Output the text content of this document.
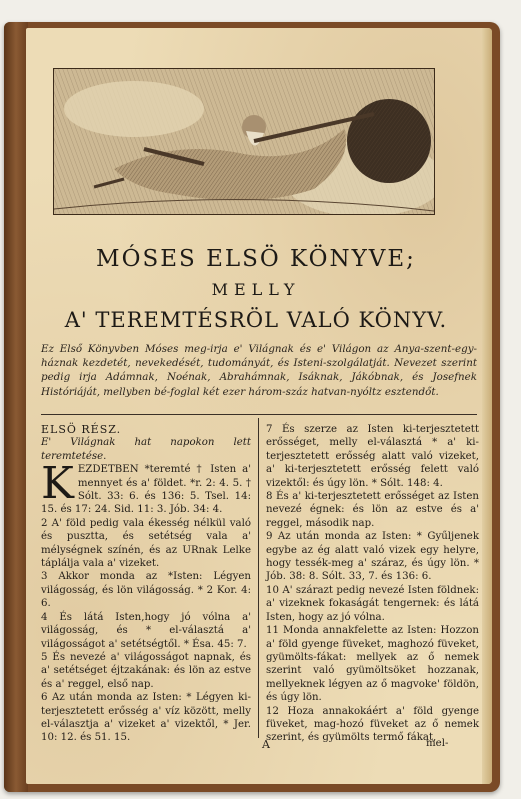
MÓSES ELSÖ KÖNYVE;
MELLY
A' TEREMTÉSRÖL VALÓ KÖNYV.
Ez Első Könyvben Móses meg-irja e' Világnak és e' Világon az Anya-szent-egy-háznak kezdetét, nevekedését, tudományát, és Isteni-szolgálatját. Nevezet szerint pedig irja Adámnak, Noénak, Abrahámnak, Isáknak, Jákóbnak, és Josefnek Históriáját, mellyben bé-foglal két ezer három-száz hatvan-nyóltz esztendőt.

ELSÖ RÉSZ.

E' Világnak hat napokon lett teremtetése.

KEZDETBEN *teremté † Isten a' mennyet és a' földet. *r. 2: 4. 5. † Sólt. 33: 6. és 136: 5. Tsel. 14: 15. és 17: 24. Sid. 11: 3. Jób. 34: 4.

2 A' föld pedig vala ékesség nélkül való és pusztta, és setétség vala a' mélységnek színén, és az URnak Lelke táplálja vala a' vizeket.

3 Akkor monda az *Isten: Légyen világosság, és lön világosság. * 2 Kor. 4: 6.

4 És látá Isten,hogy jó vólna a' világosság, és * el-választá a' világosságot a' setétségtől. * Ésa. 45: 7.

5 És nevezé a' világosságot napnak, és a' setétséget éjtzakának: és lön az estve és a' reggel, első nap.

6 Az után monda az Isten: * Légyen ki-terjesztetett erősség a' víz között, melly el-választja a' vizeket a' vizektől, * Jer. 10: 12. és 51. 15.

7 És szerze az Isten ki-terjesztetett erősséget, melly el-választá * a' ki-terjesztetett erősség alatt való vizeket, a' ki-terjesztetett erősség felett való vizektől: és úgy lön. * Sólt. 148: 4.

8 És a' ki-terjesztetett erősséget az Isten nevezé égnek: és lön az estve és a' reggel, második nap.

9 Az után monda az Isten: * Gyűljenek egybe az ég alatt való vizek egy helyre, hogy tessék-meg a' száraz, és úgy lön. * Jób. 38: 8. Sólt. 33, 7. és 136: 6.

10 A' szárazt pedig nevezé Isten földnek: a' vizeknek fokaságát tengernek: és látá Isten, hogy az jó vólna.

11 Monda annakfelette az Isten: Hozzon a' föld gyenge füveket, maghozó füveket, gyümölts-fákat: mellyek az ő nemek szerint való gyümöltsöket hozzanak, mellyeknek légyen az ő magvoke' földön, és úgy lön.

12 Hoza annakokáért a' föld gyenge füveket, mag-hozó füveket az ő nemek szerint, és gyümölts termő fákat,

A	mel-
